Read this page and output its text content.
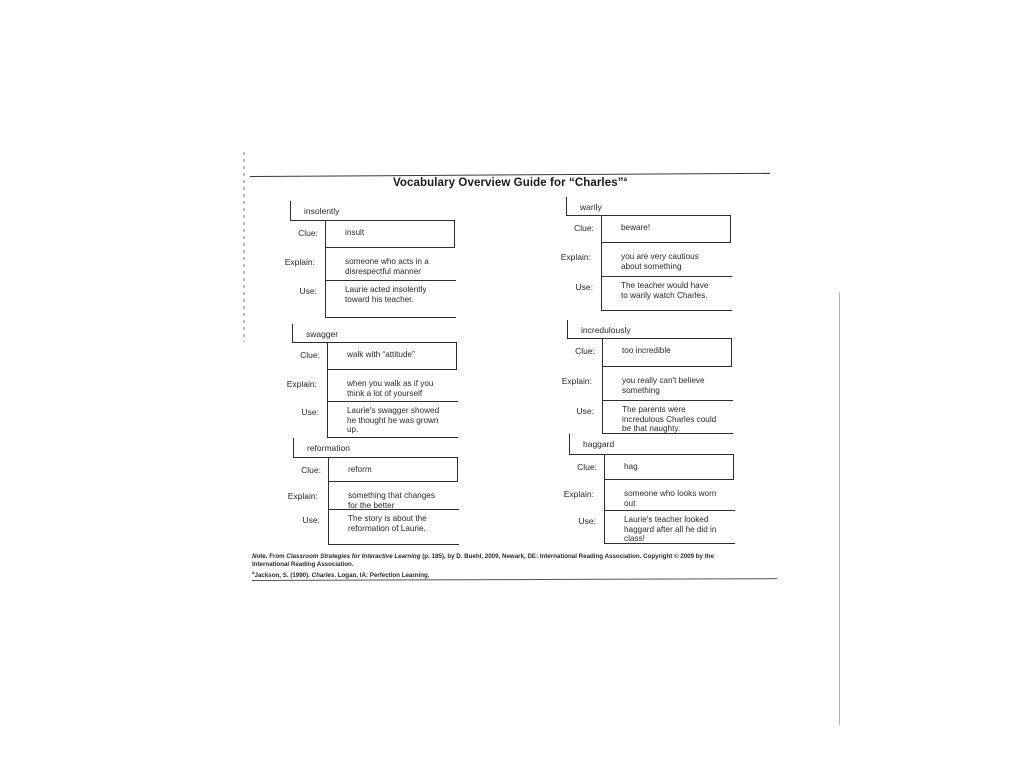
Vocabulary Overview Guide for “Charles”$^a$
insolently
Clue:
Explain:
Use:
insult
someone who acts in a
disrespectful manner
Laurie acted insolently
toward his teacher.
swagger
Clue:
Explain:
Use:
walk with “attitude”
when you walk as if you
think a lot of yourself
Laurie's swagger showed
he thought he was grown
up.
reformation
Clue:
Explain:
Use:
reform
something that changes
for the better
The story is about the
reformation of Laurie.
warily
Clue:
Explain:
Use:
beware!
you are very cautious
about something
The teacher would have
to warily watch Charles.
incredulously
Clue:
Explain:
Use:
too incredible
you really can't believe
something
The parents were
incredulous Charles could
be that naughty.
haggard
Clue:
Explain:
Use:
hag
someone who looks worn
out
Laurie's teacher looked
haggard after all he did in
class!
Note. From Classroom Strategies for Interactive Learning (p. 185), by D. Buehl, 2009, Newark, DE: International Reading Association. Copyright © 2009 by the
International Reading Association.
$^a$Jackson, S. (1990). Charles. Logan, IA: Perfection Learning.
